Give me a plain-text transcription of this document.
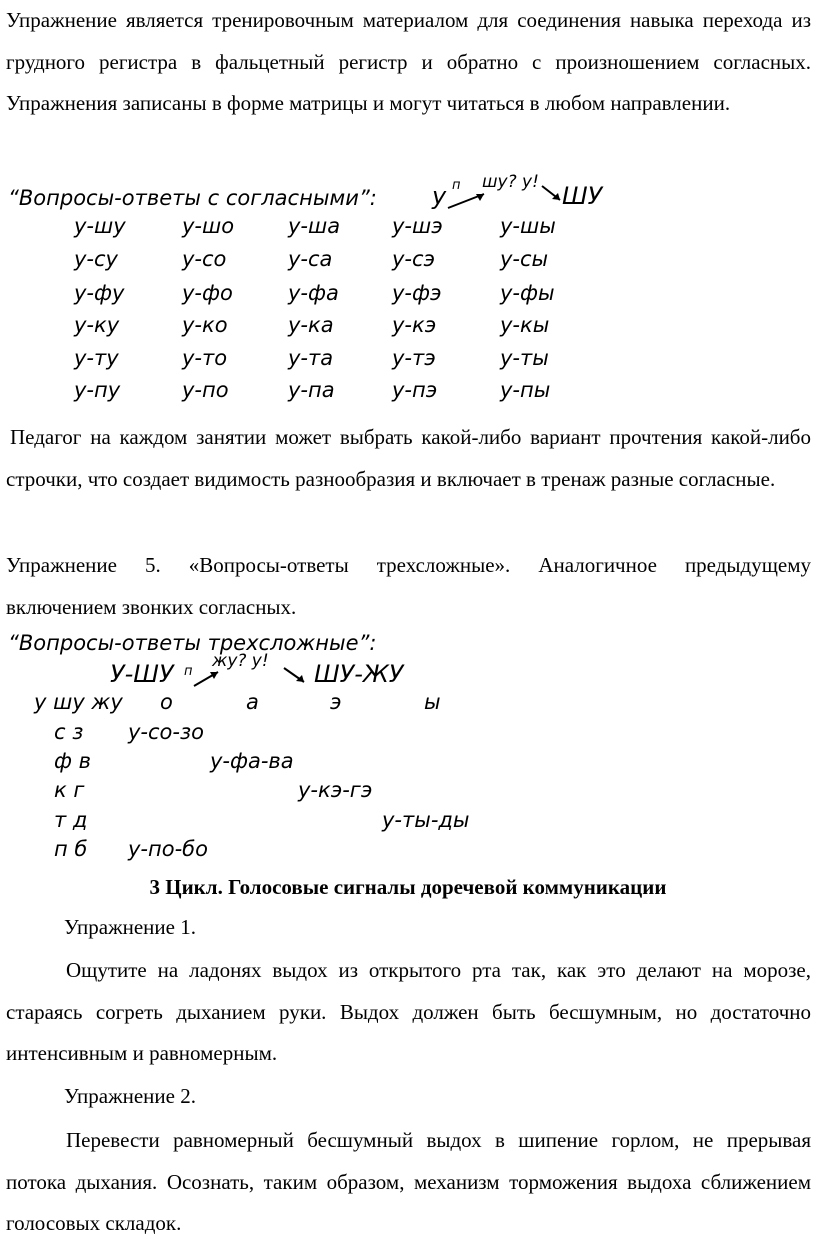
Упражнение является тренировочным материалом для соединения навыка перехода из грудного регистра в фальцетный регистр и обратно с произношением согласных. Упражнения записаны в форме матрицы и могут читаться в любом направлении.

“Вопросы-ответы с согласными”: у п шу? у! ШУ
у-шу	у-шо	у-ша у-шэ	у-шы
у-су	у-со	у-са	у-сэ	у-сы
у-фу	у-фо	у-фа	у-фэ	у-фы
у-ку	у-ко	у-ка	у-кэ	у-кы
у-ту	у-то	у-та	у-тэ	у-ты
у-пу	у-по	у-па	у-пэ	у-пы

Педагог на каждом занятии может выбрать какой-либо вариант прочтения какой-либо строчки, что создает видимость разнообразия и включает в тренаж разные согласные.

Упражнение 5. «Вопросы-ответы трехсложные». Аналогичное предыдущему включением звонких согласных.

“Вопросы-ответы трехсложные”:
У-ШУ п
жу? у! ШУ-ЖУ
у шу жу о	а	э	ы
с з у-со-зо
ф в	у-фа-ва
к г	у-кэ-гэ
т д	у-ты-ды
п б у-по-бо

3 Цикл. Голосовые сигналы доречевой коммуникации

Упражнение 1.

Ощутите на ладонях выдох из открытого рта так, как это делают на морозе, стараясь согреть дыханием руки. Выдох должен быть бесшумным, но достаточно интенсивным и равномерным.

Упражнение 2.

Перевести равномерный бесшумный выдох в шипение горлом, не прерывая потока дыхания. Осознать, таким образом, механизм торможения выдоха сближением голосовых складок.
